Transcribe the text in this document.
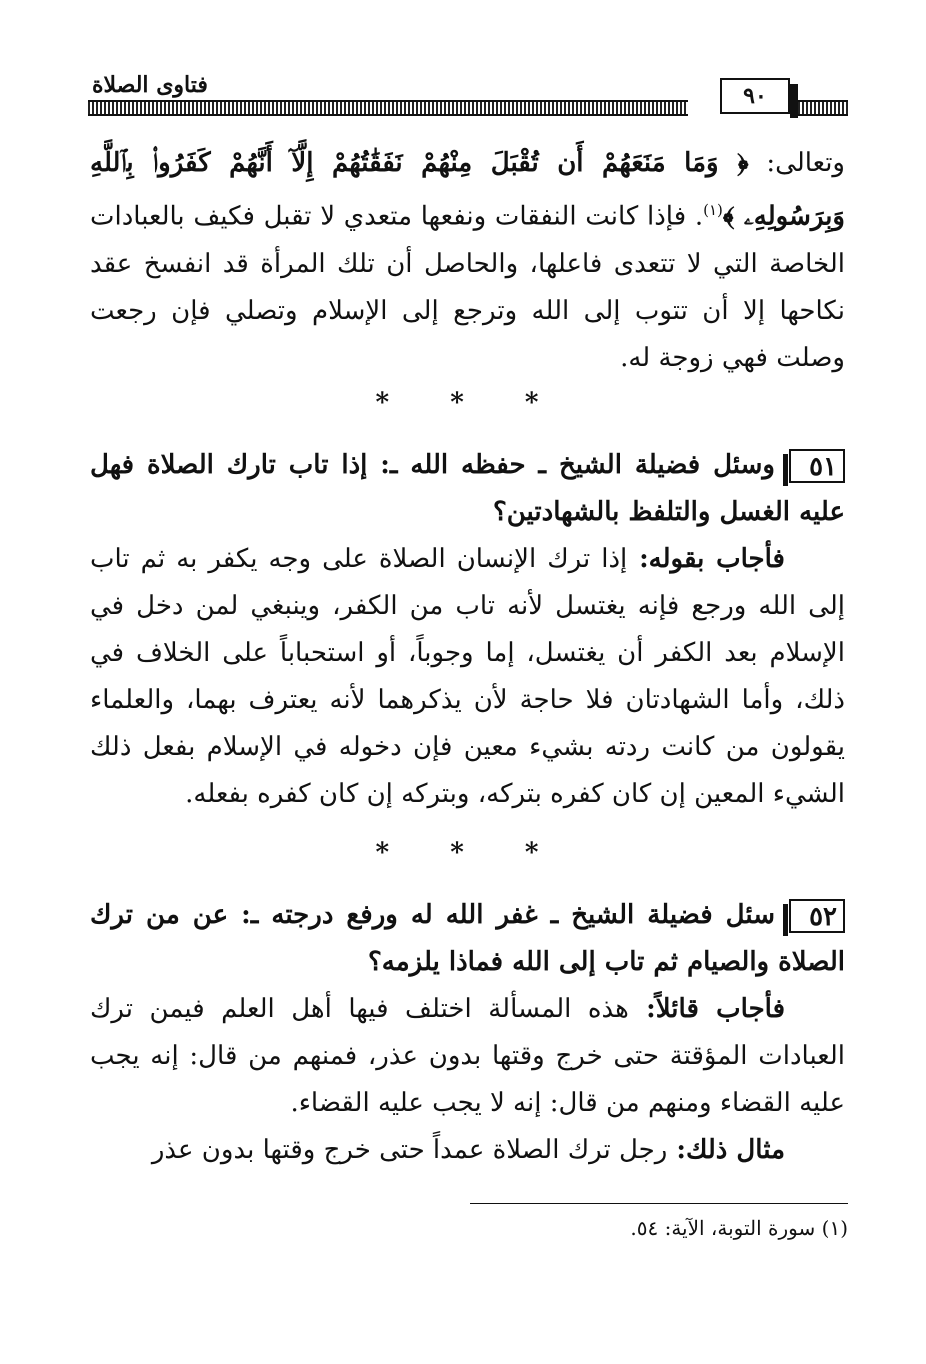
فتاوى الصلاة	٩٠

وتعالى: ﴿ وَمَا مَنَعَهُمْ أَن تُقْبَلَ مِنْهُمْ نَفَقَٰتُهُمْ إِلَّآ أَنَّهُمْ كَفَرُوا۟ بِٱللَّهِ وَبِرَسُولِهِۦ ﴾$^{(١)}$. فإذا كانت النفقات ونفعها متعدي لا تقبل فكيف بالعبادات الخاصة التي لا تتعدى فاعلها، والحاصل أن تلك المرأة قد انفسخ عقد نكاحها إلا أن تتوب إلى الله وترجع إلى الإسلام وتصلي فإن رجعت وصلت فهي زوجة له.

* * *

٥١وسئل فضيلة الشيخ ـ حفظه الله ـ: إذا تاب تارك الصلاة فهل عليه الغسل والتلفظ بالشهادتين؟

فأجاب بقوله: إذا ترك الإنسان الصلاة على وجه يكفر به ثم تاب إلى الله ورجع فإنه يغتسل لأنه تاب من الكفر، وينبغي لمن دخل في الإسلام بعد الكفر أن يغتسل، إما وجوباً، أو استحباباً على الخلاف في ذلك، وأما الشهادتان فلا حاجة لأن يذكرهما لأنه يعترف بهما، والعلماء يقولون من كانت ردته بشيء معين فإن دخوله في الإسلام بفعل ذلك الشيء المعين إن كان كفره بتركه، وبتركه إن كان كفره بفعله.

* * *

٥٢سئل فضيلة الشيخ ـ غفر الله له ورفع درجته ـ: عن من ترك الصلاة والصيام ثم تاب إلى الله فماذا يلزمه؟

فأجاب قائلاً: هذه المسألة اختلف فيها أهل العلم فيمن ترك العبادات المؤقتة حتى خرج وقتها بدون عذر، فمنهم من قال: إنه يجب عليه القضاء ومنهم من قال: إنه لا يجب عليه القضاء.

مثال ذلك: رجل ترك الصلاة عمداً حتى خرج وقتها بدون عذر

(١) سورة التوبة، الآية: ٥٤.
